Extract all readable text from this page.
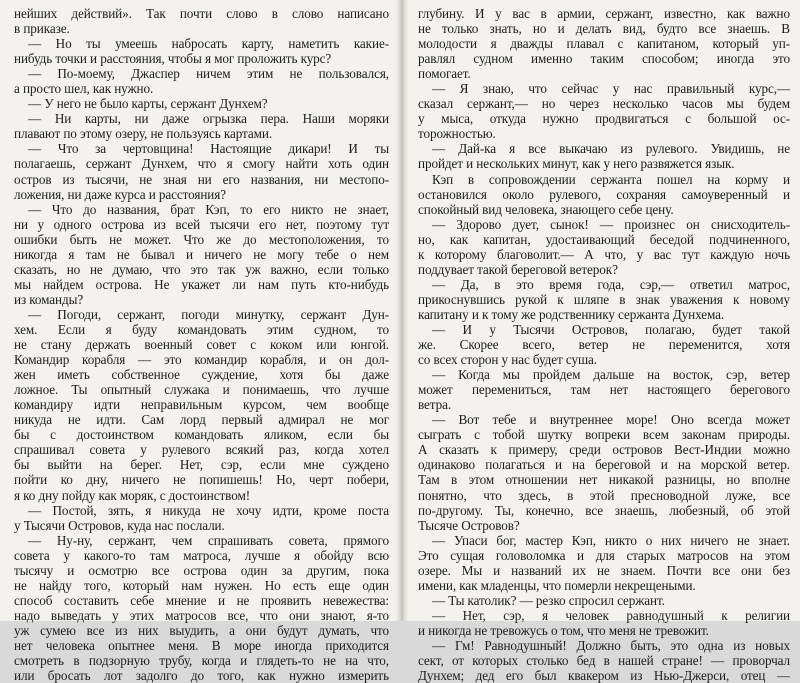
нейших действий». Так почти слово в слово написано
в приказе.
— Но ты умеешь набросать карту, наметить какие-
нибудь точки и расстояния, чтобы я мог проложить курс?
— По-моему, Джаспер ничем этим не пользовался,
а просто шел, как нужно.
— У него не было карты, сержант Дунхем?
— Ни карты, ни даже огрызка пера. Наши моряки
плавают по этому озеру, не пользуясь картами.
— Что за чертовщина! Настоящие дикари! И ты
полагаешь, сержант Дунхем, что я смогу найти хоть один
остров из тысячи, не зная ни его названия, ни местопо-
ложения, ни даже курса и расстояния?
— Что до названия, брат Кэп, то его никто не знает,
ни у одного острова из всей тысячи его нет, поэтому тут
ошибки быть не может. Что же до местоположения, то
никогда я там не бывал и ничего не могу тебе о нем
сказать, но не думаю, что это так уж важно, если только
мы найдем острова. Не укажет ли нам путь кто-нибудь
из команды?
— Погоди, сержант, погоди минутку, сержант Дун-
хем. Если я буду командовать этим судном, то
не стану держать военный совет с коком или юнгой.
Командир корабля — это командир корабля, и он дол-
жен иметь собственное суждение, хотя бы даже
ложное. Ты опытный служака и понимаешь, что лучше
командиру идти неправильным курсом, чем вообще
никуда не идти. Сам лорд первый адмирал не мог
бы с достоинством командовать яликом, если бы
спрашивал совета у рулевого всякий раз, когда хотел
бы выйти на берег. Нет, сэр, если мне суждено
пойти ко дну, ничего не попишешь! Но, черт побери,
я ко дну пойду как моряк, с достоинством!
— Постой, зять, я никуда не хочу идти, кроме поста
у Тысячи Островов, куда нас послали.
— Ну-ну, сержант, чем спрашивать совета, прямого
совета у какого-то там матроса, лучше я обойду всю
тысячу и осмотрю все острова один за другим, пока
не найду того, который нам нужен. Но есть еще один
способ составить себе мнение и не проявить невежества:
надо выведать у этих матросов все, что они знают, я-то
уж сумею все из них выудить, а они будут думать, что
нет человека опытнее меня. В море иногда приходится
смотреть в подзорную трубу, когда и глядеть-то не на что,
или бросать лот задолго до того, как нужно измерить
глубину. И у вас в армии, сержант, известно, как важно
не только знать, но и делать вид, будто все знаешь. В
молодости я дважды плавал с капитаном, который уп-
равлял судном именно таким способом; иногда это
помогает.
— Я знаю, что сейчас у нас правильный курс,—
сказал сержант,— но через несколько часов мы будем
у мыса, откуда нужно продвигаться с большой ос-
торожностью.
— Дай-ка я все выкачаю из рулевого. Увидишь, не
пройдет и нескольких минут, как у него развяжется язык.
Кэп в сопровождении сержанта пошел на корму и
остановился около рулевого, сохраняя самоуверенный и
спокойный вид человека, знающего себе цену.
— Здорово дует, сынок! — произнес он снисходитель-
но, как капитан, удостаивающий беседой подчиненного,
к которому благоволит.— А что, у вас тут каждую ночь
поддувает такой береговой ветерок?
— Да, в это время года, сэр,— ответил матрос,
прикоснувшись рукой к шляпе в знак уважения к новому
капитану и к тому же родственнику сержанта Дунхема.
— И у Тысячи Островов, полагаю, будет такой
же. Скорее всего, ветер не переменится, хотя
со всех сторон у нас будет суша.
— Когда мы пройдем дальше на восток, сэр, ветер
может перемениться, там нет настоящего берегового
ветра.
— Вот тебе и внутреннее море! Оно всегда может
сыграть с тобой шутку вопреки всем законам природы.
А сказать к примеру, среди островов Вест-Индии можно
одинаково полагаться и на береговой и на морской ветер.
Там в этом отношении нет никакой разницы, но вполне
понятно, что здесь, в этой пресноводной луже, все
по-другому. Ты, конечно, все знаешь, любезный, об этой
Тысяче Островов?
— Упаси бог, мастер Кэп, никто о них ничего не знает.
Это сущая головоломка и для старых матросов на этом
озере. Мы и названий их не знаем. Почти все они без
имени, как младенцы, что померли некрещеными.
— Ты католик? — резко спросил сержант.
— Нет, сэр, я человек равнодушный к религии
и никогда не тревожусь о том, что меня не тревожит.
— Гм! Равнодушный! Должно быть, это одна из новых
сект, от которых столько бед в нашей стране! — проворчал
Дунхем; дед его был квакером из Нью-Джерси, отец —
